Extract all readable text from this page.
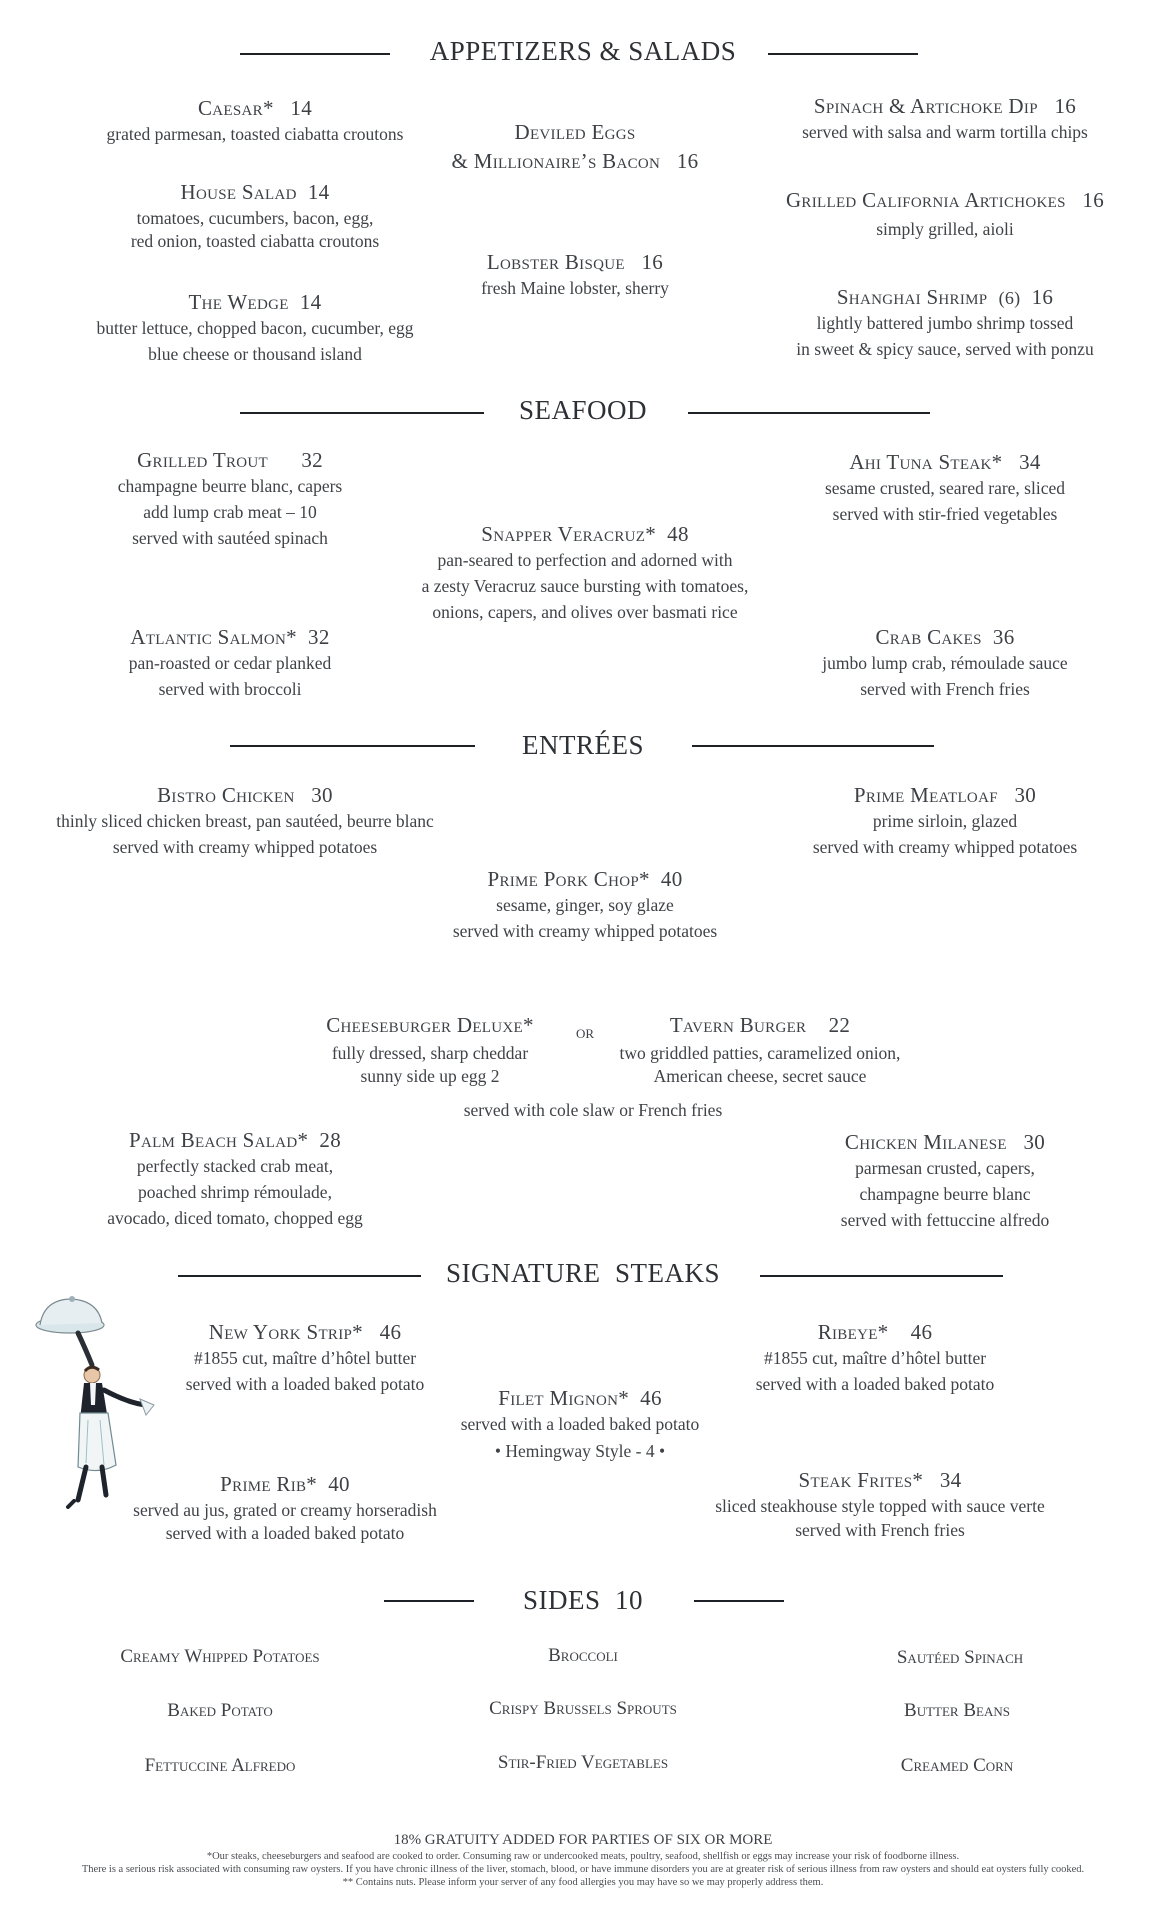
APPETIZERS & SALADS
Caesar* 14
grated parmesan, toasted ciabatta croutons
House Salad 14
tomatoes, cucumbers, bacon, egg,
red onion, toasted ciabatta croutons
The Wedge 14
butter lettuce, chopped bacon, cucumber, egg
blue cheese or thousand island
Deviled Eggs
& Millionaire’s Bacon 16
Lobster Bisque 16
fresh Maine lobster, sherry
Spinach & Artichoke Dip 16
served with salsa and warm tortilla chips
Grilled California Artichokes 16
simply grilled, aioli
Shanghai Shrimp (6) 16
lightly battered jumbo shrimp tossed
in sweet & spicy sauce, served with ponzu
SEAFOOD
Grilled Trout 32
champagne beurre blanc, capers
add lump crab meat – 10
served with sautéed spinach
Atlantic Salmon* 32
pan-roasted or cedar planked
served with broccoli
Snapper Veracruz* 48
pan-seared to perfection and adorned with
a zesty Veracruz sauce bursting with tomatoes,
onions, capers, and olives over basmati rice
Ahi Tuna Steak* 34
sesame crusted, seared rare, sliced
served with stir-fried vegetables
Crab Cakes 36
jumbo lump crab, rémoulade sauce
served with French fries
ENTRÉES
Bistro Chicken 30
thinly sliced chicken breast, pan sautéed, beurre blanc
served with creamy whipped potatoes
Prime Meatloaf 30
prime sirloin, glazed
served with creamy whipped potatoes
Prime Pork Chop* 40
sesame, ginger, soy glaze
served with creamy whipped potatoes
Cheeseburger Deluxe*
fully dressed, sharp cheddar
sunny side up egg 2
or	Tavern Burger 22
two griddled patties, caramelized onion,
American cheese, secret sauce
served with cole slaw or French fries
Palm Beach Salad* 28
perfectly stacked crab meat,
poached shrimp rémoulade,
avocado, diced tomato, chopped egg
Chicken Milanese 30
parmesan crusted, capers,
champagne beurre blanc
served with fettuccine alfredo
SIGNATURE  STEAKS
New York Strip* 46
#1855 cut, maître d’hôtel butter
served with a loaded baked potato
Prime Rib* 40
served au jus, grated or creamy horseradish
served with a loaded baked potato
Filet Mignon* 46
served with a loaded baked potato
• Hemingway Style - 4 •
Ribeye* 46
#1855 cut, maître d’hôtel butter
served with a loaded baked potato
Steak Frites* 34
sliced steakhouse style topped with sauce verte
served with French fries
SIDES 10
Creamy Whipped Potatoes	Broccoli	Sautéed Spinach
Baked Potato	Crispy Brussels Sprouts	Butter Beans
Fettuccine Alfredo	Stir-Fried Vegetables	Creamed Corn
18% GRATUITY ADDED FOR PARTIES OF SIX OR MORE
*Our steaks, cheeseburgers and seafood are cooked to order. Consuming raw or undercooked meats, poultry, seafood, shellfish or eggs may increase your risk of foodborne illness.
There is a serious risk associated with consuming raw oysters. If you have chronic illness of the liver, stomach, blood, or have immune disorders you are at greater risk of serious illness from raw oysters and should eat oysters fully cooked.
** Contains nuts. Please inform your server of any food allergies you may have so we may properly address them.
